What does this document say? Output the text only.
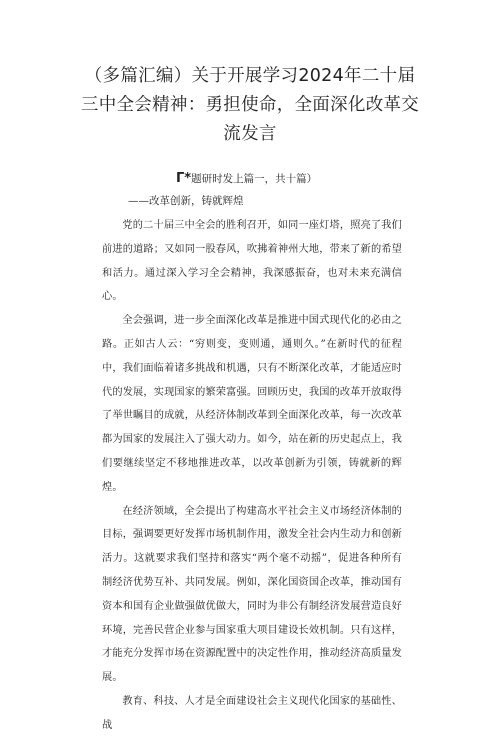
（多篇汇编）关于开展学习2024年二十届
三中全会精神：勇担使命，全面深化改革交
流发言
Γ*题研时发上篇一，共十篇）
——改革创新，铸就辉煌

党的二十届三中全会的胜利召开，如同一座灯塔，照亮了我们前进的道路；又如同一股春风，吹拂着神州大地，带来了新的希望和活力。通过深入学习全会精神，我深感振奋，也对未来充满信心。

全会强调，进一步全面深化改革是推进中国式现代化的必由之路。正如古人云：“穷则变，变则通，通则久。”在新时代的征程中，我们面临着诸多挑战和机遇，只有不断深化改革，才能适应时代的发展，实现国家的繁荣富强。回顾历史，我国的改革开放取得了举世瞩目的成就，从经济体制改革到全面深化改革，每一次改革都为国家的发展注入了强大动力。如今，站在新的历史起点上，我们要继续坚定不移地推进改革，以改革创新为引领，铸就新的辉煌。

在经济领域，全会提出了构建高水平社会主义市场经济体制的目标，强调要更好发挥市场机制作用，激发全社会内生动力和创新活力。这就要求我们坚持和落实“两个毫不动摇”，促进各种所有制经济优势互补、共同发展。例如，深化国资国企改革，推动国有资本和国有企业做强做优做大，同时为非公有制经济发展营造良好环境，完善民营企业参与国家重大项目建设长效机制。只有这样，才能充分发挥市场在资源配置中的决定性作用，推动经济高质量发展。

教育、科技、人才是全面建设社会主义现代化国家的基础性、战
